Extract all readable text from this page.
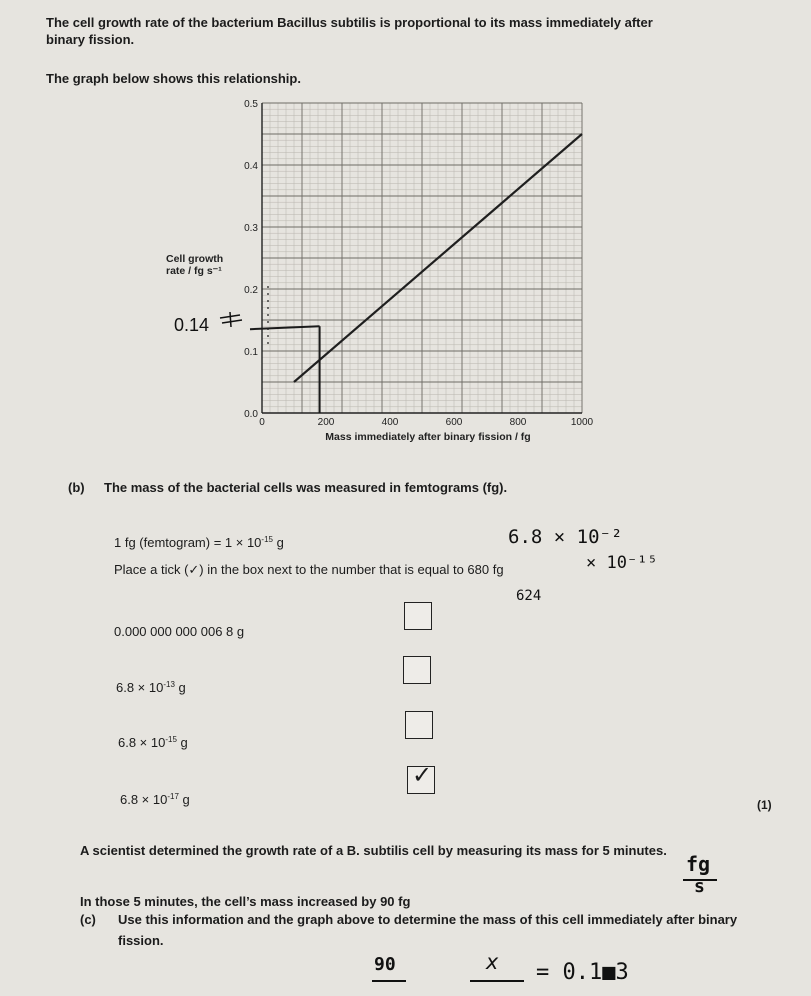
The cell growth rate of the bacterium Bacillus subtilis is proportional to its mass immediately after binary fission.
The graph below shows this relationship.
0	200	400	600	800	1000
0.0
0.1
0.2
0.3
0.4
0.5
Mass immediately after binary fission / fg
Cell growth
rate / fg s⁻¹
0.14
(b) The mass of the bacterial cells was measured in femtograms (fg).
1 fg (femtogram) = $1 \times 10^{-15}$ g
Place a tick (✓) in the box next to the number that is equal to 680 fg
6.8 × 10⁻²
× 10⁻¹⁵
624
0.000 000 000 006 8 g
$6.8 \times 10^{-13}$ g
$6.8 \times 10^{-15}$ g
$6.8 \times 10^{-17}$ g
✓
(1)
A scientist determined the growth rate of a B. subtilis cell by measuring its mass for 5 minutes.
In those 5 minutes, the cell’s mass increased by 90 fg
fg
s
(c) Use this information and the graph above to determine the mass of this cell immediately after binary
fission.
90	x = 0.1■3
